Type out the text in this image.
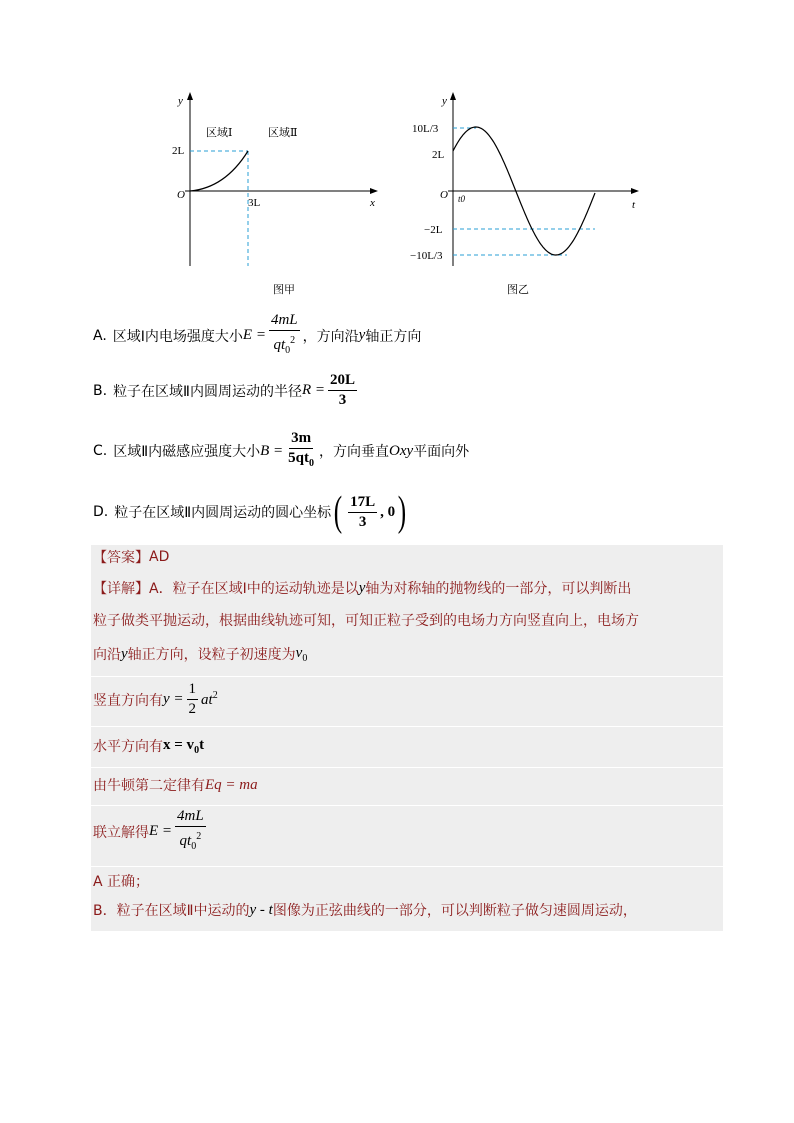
y
x
O
2L
3L
区域Ⅰ	区域Ⅱ
图甲
y
t
O t0
10L/3
2L
−2L
−10L/3
图乙
A. 区域Ⅰ内电场强度大小 $E = \frac{4mL}{qt_0^2}$ ，方向沿 y 轴正方向
B. 粒子在区域Ⅱ内圆周运动的半径 $R = \frac{20L}{3}$
C. 区域Ⅱ内磁感应强度大小 $B = \frac{3m}{5qt_0}$ ，方向垂直 Oxy 平面向外
D. 粒子在区域Ⅱ内圆周运动的圆心坐标 ( $\frac{17L}{3}$ , 0 )
【答案】 AD
【详解】 A．粒子在区域Ⅰ中的运动轨迹是以 y 轴为对称轴的抛物线的一部分，可以判断出
粒子做类平抛运动，根据曲线轨迹可知，可知正粒子受到的电场力方向竖直向上，电场方
向沿 y 轴正方向，设粒子初速度为 $v_0$
竖直方向有 $y = \frac{1}{2} at^2$
水平方向有 $x = v_0t$
由牛顿第二定律有 Eq = ma
联立解得 $E = \frac{4mL}{qt_0^2}$
A 正确；
B．粒子在区域Ⅱ中运动的 y - t 图像为正弦曲线的一部分，可以判断粒子做匀速圆周运动，
